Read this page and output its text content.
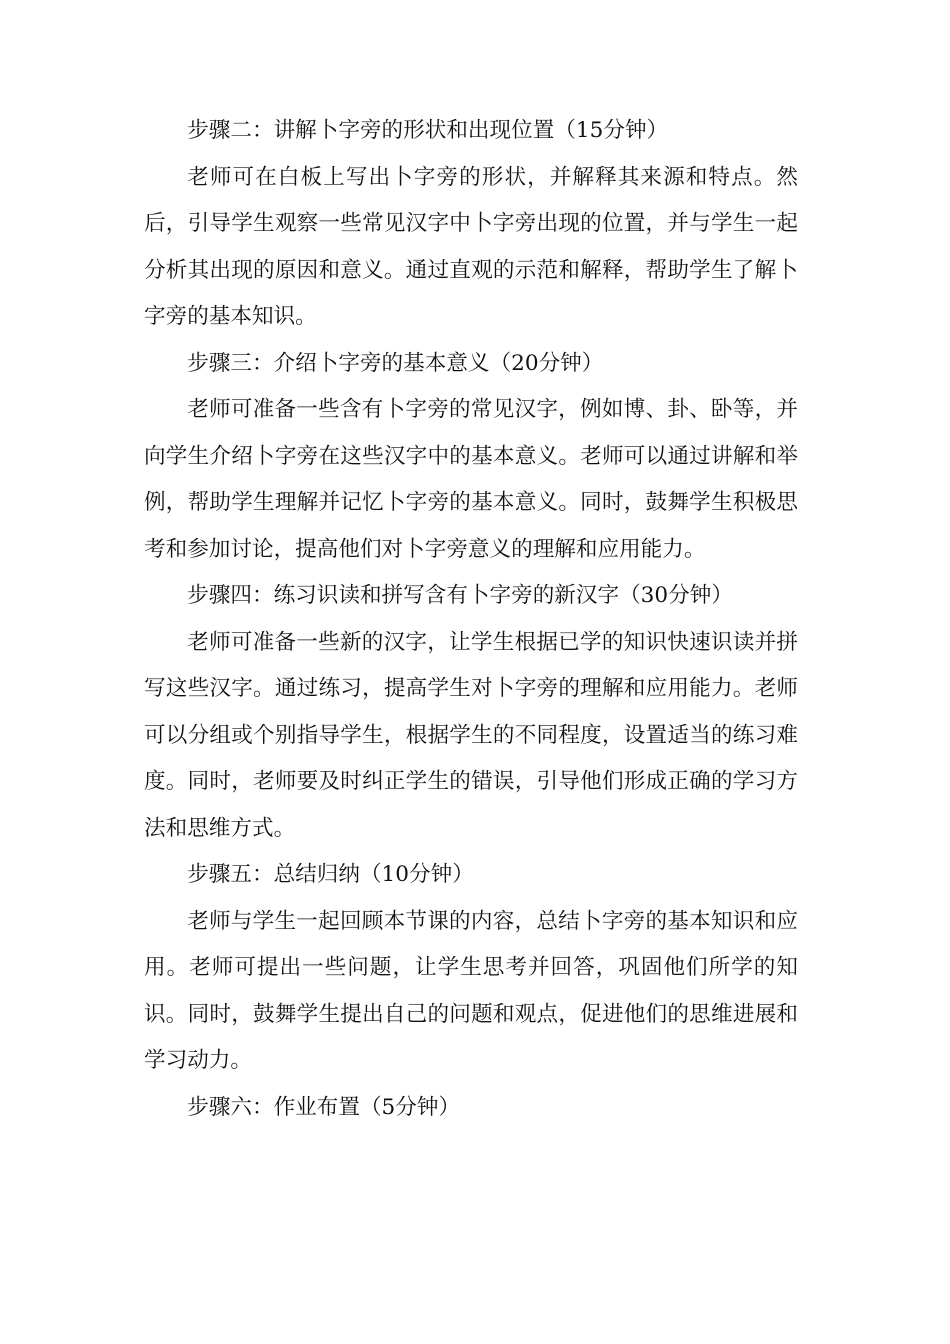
步骤二：讲解卜字旁的形状和出现位置（15分钟）

老师可在白板上写出卜字旁的形状，并解释其来源和特点。然后，引导学生观察一些常见汉字中卜字旁出现的位置，并与学生一起分析其出现的原因和意义。通过直观的示范和解释，帮助学生了解卜字旁的基本知识。

步骤三：介绍卜字旁的基本意义（20分钟）

老师可准备一些含有卜字旁的常见汉字，例如博、卦、卧等，并向学生介绍卜字旁在这些汉字中的基本意义。老师可以通过讲解和举例，帮助学生理解并记忆卜字旁的基本意义。同时，鼓舞学生积极思考和参加讨论，提高他们对卜字旁意义的理解和应用能力。

步骤四：练习识读和拼写含有卜字旁的新汉字（30分钟）

老师可准备一些新的汉字，让学生根据已学的知识快速识读并拼写这些汉字。通过练习，提高学生对卜字旁的理解和应用能力。老师可以分组或个别指导学生，根据学生的不同程度，设置适当的练习难度。同时，老师要及时纠正学生的错误，引导他们形成正确的学习方法和思维方式。

步骤五：总结归纳（10分钟）

老师与学生一起回顾本节课的内容，总结卜字旁的基本知识和应用。老师可提出一些问题，让学生思考并回答，巩固他们所学的知识。同时，鼓舞学生提出自己的问题和观点，促进他们的思维进展和学习动力。

步骤六：作业布置（5分钟）
